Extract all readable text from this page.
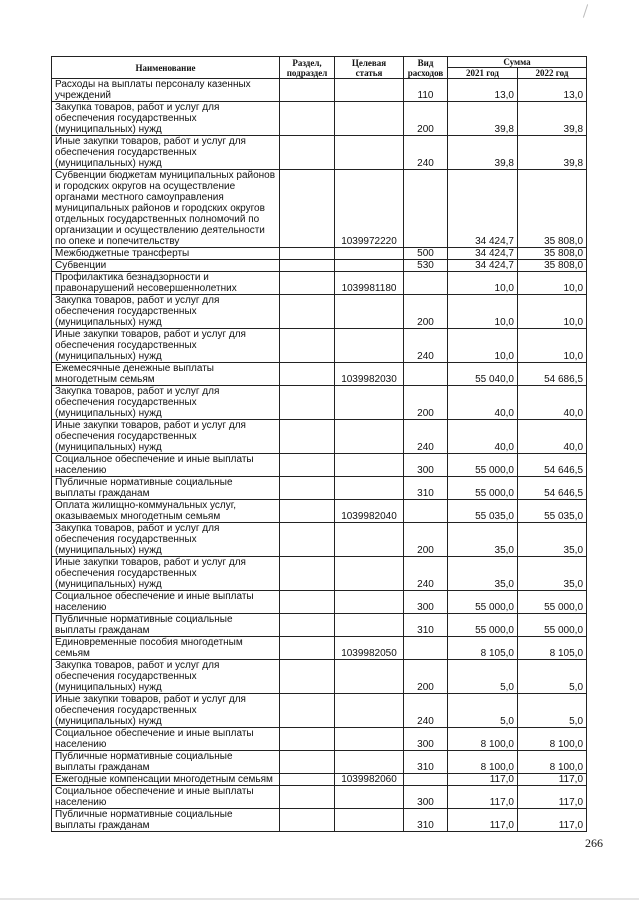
Наименование	Раздел, подраздел	Целевая статья	Вид расходов	Сумма	
				2021 год	2022 год
Расходы на выплаты персоналу казенных учреждений			110	13,0	13,0
Закупка товаров, работ и услуг для обеспечения государственных (муниципальных) нужд			200	39,8	39,8
Иные закупки товаров, работ и услуг для обеспечения государственных (муниципальных) нужд			240	39,8	39,8
Субвенции бюджетам муниципальных районов и городских округов на осуществление органами местного самоуправления муниципальных районов и городских округов отдельных государственных полномочий по организации и осуществлению деятельности по опеке и попечительству		1039972220		34 424,7	35 808,0
Межбюджетные трансферты			500	34 424,7	35 808,0
Субвенции			530	34 424,7	35 808,0
Профилактика безнадзорности и правонарушений несовершеннолетних		1039981180		10,0	10,0
Закупка товаров, работ и услуг для обеспечения государственных (муниципальных) нужд			200	10,0	10,0
Иные закупки товаров, работ и услуг для обеспечения государственных (муниципальных) нужд			240	10,0	10,0
Ежемесячные денежные выплаты многодетным семьям		1039982030		55 040,0	54 686,5
Закупка товаров, работ и услуг для обеспечения государственных (муниципальных) нужд			200	40,0	40,0
Иные закупки товаров, работ и услуг для обеспечения государственных (муниципальных) нужд			240	40,0	40,0
Социальное обеспечение и иные выплаты населению			300	55 000,0	54 646,5
Публичные нормативные социальные выплаты гражданам			310	55 000,0	54 646,5
Оплата жилищно-коммунальных услуг, оказываемых многодетным семьям		1039982040		55 035,0	55 035,0
Закупка товаров, работ и услуг для обеспечения государственных (муниципальных) нужд			200	35,0	35,0
Иные закупки товаров, работ и услуг для обеспечения государственных (муниципальных) нужд			240	35,0	35,0
Социальное обеспечение и иные выплаты населению			300	55 000,0	55 000,0
Публичные нормативные социальные выплаты гражданам			310	55 000,0	55 000,0
Единовременные пособия многодетным семьям		1039982050		8 105,0	8 105,0
Закупка товаров, работ и услуг для обеспечения государственных (муниципальных) нужд			200	5,0	5,0
Иные закупки товаров, работ и услуг для обеспечения государственных (муниципальных) нужд			240	5,0	5,0
Социальное обеспечение и иные выплаты населению			300	8 100,0	8 100,0
Публичные нормативные социальные выплаты гражданам			310	8 100,0	8 100,0
Ежегодные компенсации многодетным семьям		1039982060		117,0	117,0
Социальное обеспечение и иные выплаты населению			300	117,0	117,0
Публичные нормативные социальные выплаты гражданам			310	117,0	117,0
266
